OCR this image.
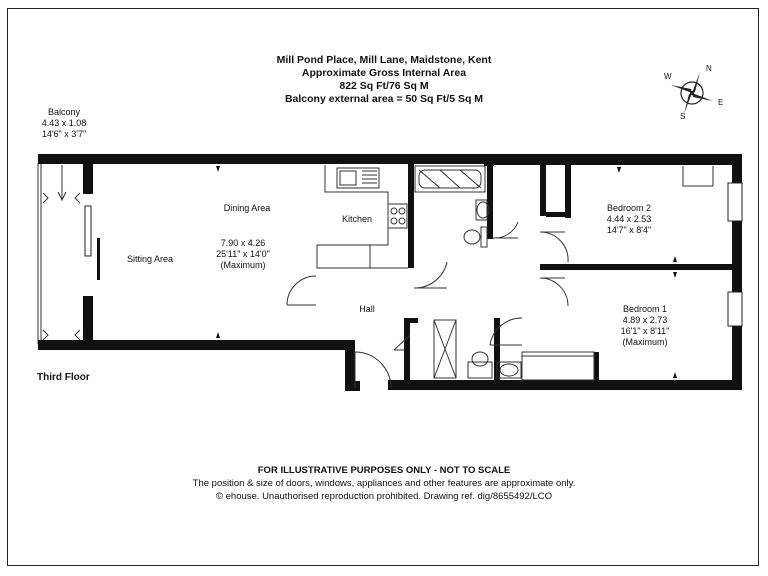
Mill Pond Place, Mill Lane, Maidstone, Kent
Approximate Gross Internal Area
822 Sq Ft/76 Sq M
Balcony external area = 50 Sq Ft/5 Sq M
N
E
S
W
Balcony
4.43 x 1.08
14'6" x 3'7"
Dining Area
Sitting Area
Kitchen
7.90 x 4.26
25'11" x 14'0"
(Maximum)
Hall
Bedroom 2
4.44 x 2.53
14'7" x 8'4"
Bedroom 1
4.89 x 2.73
16'1" x 8'11"
(Maximum)
Third Floor
FOR ILLUSTRATIVE PURPOSES ONLY - NOT TO SCALE
The position & size of doors, windows, appliances and other features are approximate only.
© ehouse. Unauthorised reproduction prohibited. Drawing ref. dig/8655492/LCO
